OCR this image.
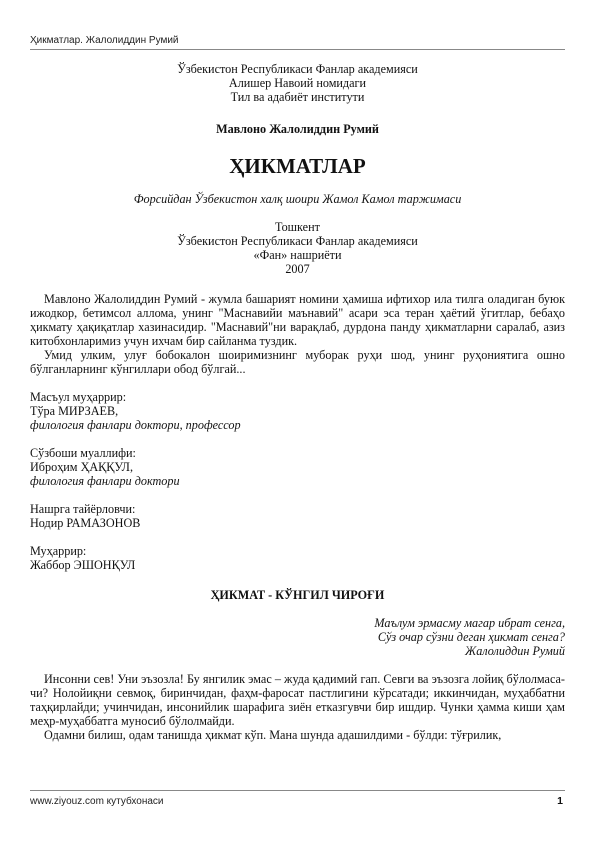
Ҳикматлар. Жалолиддин Румий
Ўзбекистон Республикаси Фанлар академияси
Алишер Навоий номидаги
Тил ва адабиёт институти
Мавлоно Жалолиддин Румий
ҲИКМАТЛАР
Форсийдан Ўзбекистон халқ шоири Жамол Камол таржимаси
Тошкент
Ўзбекистон Республикаси Фанлар академияси
«Фан» нашриёти
2007

Мавлоно Жалолиддин Румий - жумла башарият номини ҳамиша ифтихор ила тилга оладиган буюк ижодкор, бетимсол аллома, унинг "Маснавийи маънавий" асари эса теран ҳаётий ўгитлар, бебаҳо ҳикмату ҳақиқатлар хазинасидир. "Маснавий"ни варақлаб, дурдона панду ҳикматларни саралаб, азиз китобхонларимиз учун ихчам бир сайланма туздик.

Умид улким, улуғ бобокалон шоиримизнинг муборак руҳи шод, унинг руҳониятига ошно бўлганларнинг кўнгиллари обод бўлгай...

Масъул муҳаррир:
Тўра МИРЗАЕВ,
филология фанлари доктори, профессор
Сўзбоши муаллифи:
Иброҳим ҲАҚҚУЛ,
филология фанлари доктори
Нашрга тайёрловчи:
Нодир РАМАЗОНОВ
Муҳаррир:
Жаббор ЭШОНҚУЛ
ҲИКМАТ - КЎНГИЛ ЧИРОҒИ
Маълум эрмасму магар ибрат сенга,
Сўз очар сўзни деган ҳикмат сенга?
Жалолиддин Румий

Инсонни сев! Уни эъзозла! Бу янгилик эмас – жуда қадимий гап. Севги ва эъзозга лойиқ бўлолмаса-чи? Нолойиқни севмоқ, биринчидан, фаҳм-фаросат пастлигини кўрсатади; иккинчидан, муҳаббатни таҳқирлайди; учинчидан, инсонийлик шарафига зиён етказгувчи бир ишдир. Чунки ҳамма киши ҳам меҳр-муҳаббатга муносиб бўлолмайди.

Одамни билиш, одам танишда ҳикмат кўп. Мана шунда адашилдими - бўлди: тўғрилик,

www.ziyouz.com кутубхонаси	1
